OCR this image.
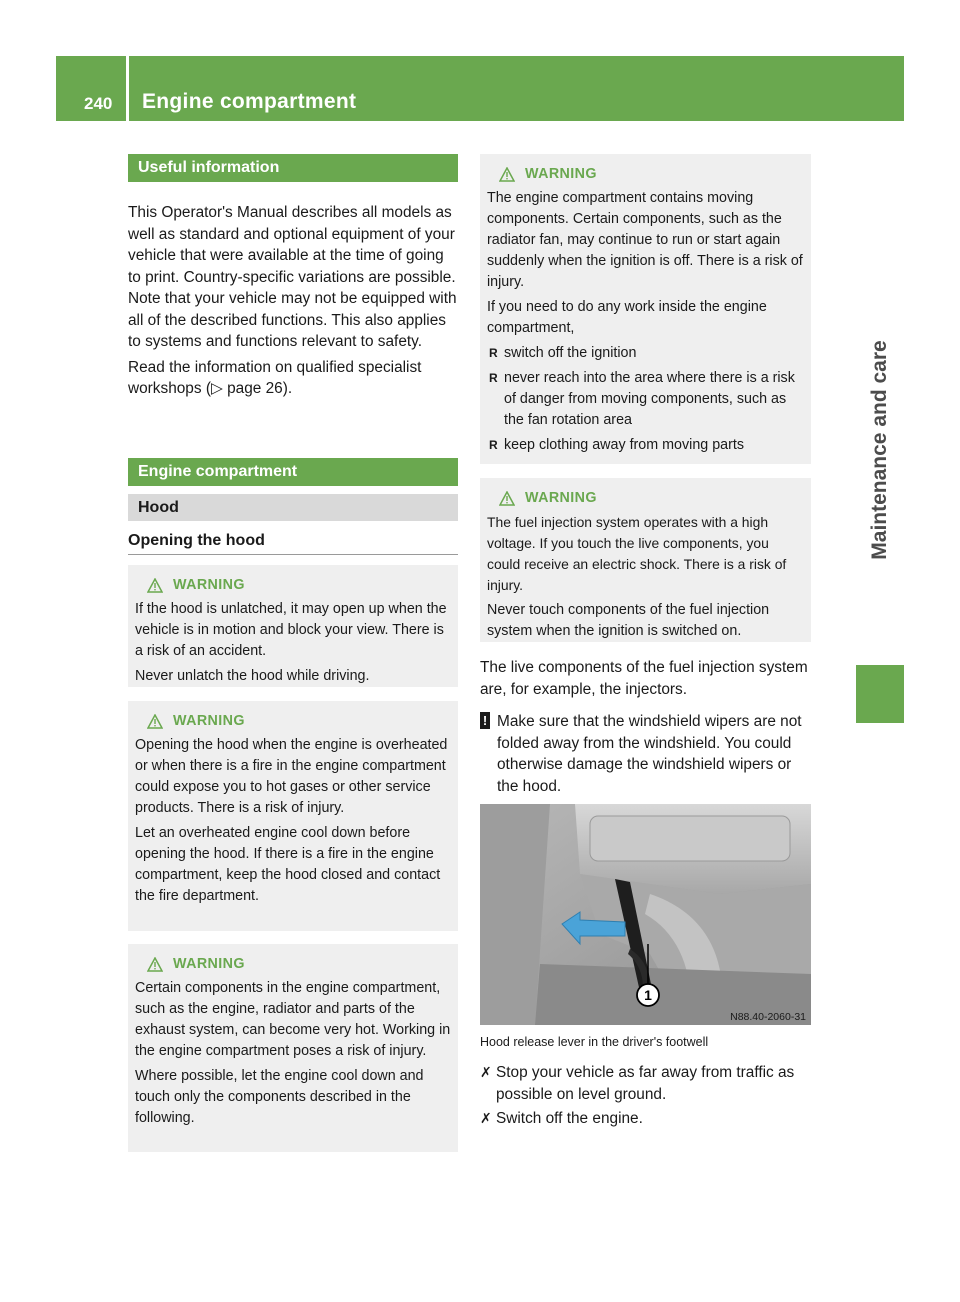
240 Engine compartment
Maintenance and care
Useful information

This Operator's Manual describes all models as well as standard and optional equipment of your vehicle that were available at the time of going to print. Country-specific variations are possible. Note that your vehicle may not be equipped with all of the described functions. This also applies to systems and functions relevant to safety.

Read the information on qualified specialist workshops (▷ page 26).

Engine compartment
Hood
Opening the hood
WARNING

If the hood is unlatched, it may open up when the vehicle is in motion and block your view. There is a risk of an accident.

Never unlatch the hood while driving.

WARNING

Opening the hood when the engine is overheated or when there is a fire in the engine compartment could expose you to hot gases or other service products. There is a risk of injury.

Let an overheated engine cool down before opening the hood. If there is a fire in the engine compartment, keep the hood closed and contact the fire department.

WARNING

Certain components in the engine compartment, such as the engine, radiator and parts of the exhaust system, can become very hot. Working in the engine compartment poses a risk of injury.

Where possible, let the engine cool down and touch only the components described in the following.

WARNING

The engine compartment contains moving components. Certain components, such as the radiator fan, may continue to run or start again suddenly when the ignition is off. There is a risk of injury.

If you need to do any work inside the engine compartment,

R switch off the ignition
R never reach into the area where there is a risk of danger from moving components, such as the fan rotation area
R keep clothing away from moving parts
WARNING

The fuel injection system operates with a high voltage. If you touch the live components, you could receive an electric shock. There is a risk of injury.

Never touch components of the fuel injection system when the ignition is switched on.

The live components of the fuel injection system are, for example, the injectors.
! Make sure that the windshield wipers are not folded away from the windshield. You could otherwise damage the windshield wipers or the hood.
1
N88.40-2060-31
Hood release lever in the driver's footwell
✗ Stop your vehicle as far away from traffic as possible on level ground.
✗ Switch off the engine.
